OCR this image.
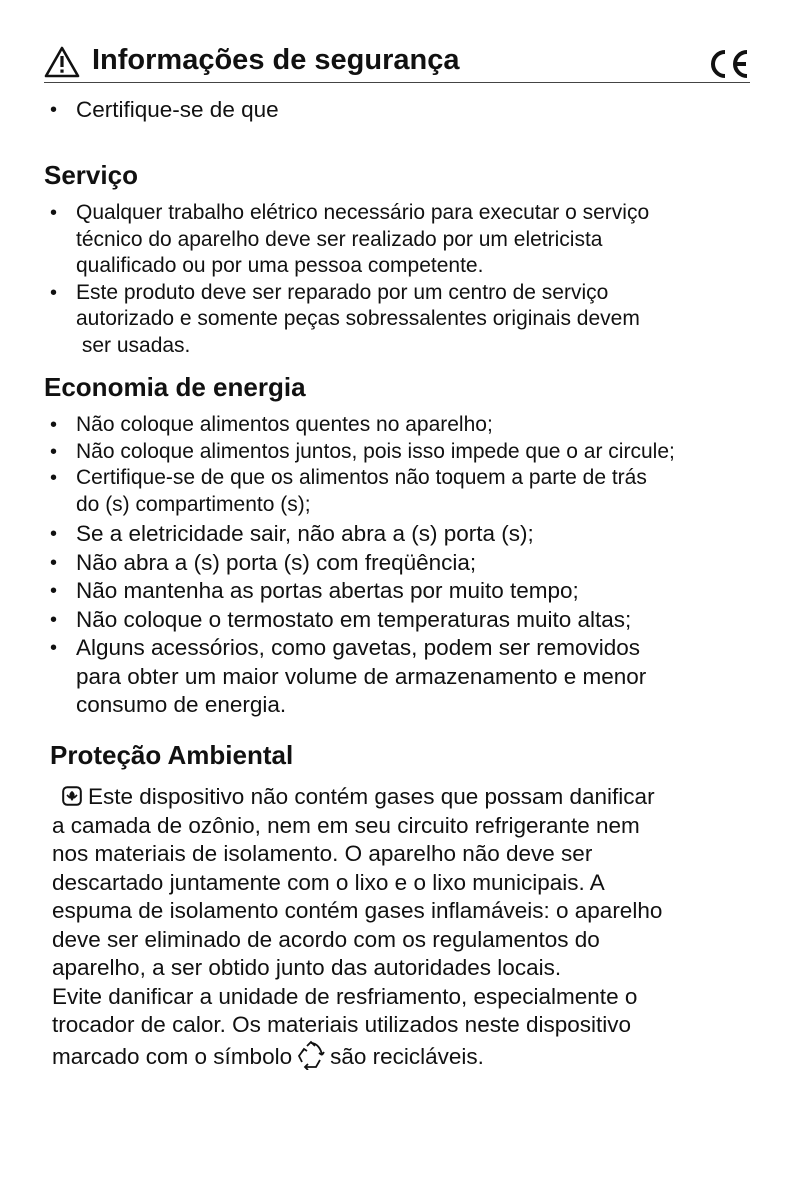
Informações de segurança
• Certifique-se de que
Serviço
• Qualquer trabalho elétrico necessário para executar o serviço
técnico do aparelho deve ser realizado por um eletricista
qualificado ou por uma pessoa competente.
• Este produto deve ser reparado por um centro de serviço
autorizado e somente peças sobressalentes originais devem
ser usadas.
Economia de energia
• Não coloque alimentos quentes no aparelho;
• Não coloque alimentos juntos, pois isso impede que o ar circule;
• Certifique-se de que os alimentos não toquem a parte de trás
do (s) compartimento (s);
• Se a eletricidade sair, não abra a (s) porta (s);
• Não abra a (s) porta (s) com freqüência;
• Não mantenha as portas abertas por muito tempo;
• Não coloque o termostato em temperaturas muito altas;
• Alguns acessórios, como gavetas, podem ser removidos
para obter um maior volume de armazenamento e menor
consumo de energia.
Proteção Ambiental
Este dispositivo não contém gases que possam danificar
a camada de ozônio, nem em seu circuito refrigerante nem
nos materiais de isolamento. O aparelho não deve ser
descartado juntamente com o lixo e o lixo municipais. A
espuma de isolamento contém gases inflamáveis: o aparelho
deve ser eliminado de acordo com os regulamentos do
aparelho, a ser obtido junto das autoridades locais.
Evite danificar a unidade de resfriamento, especialmente o
trocador de calor. Os materiais utilizados neste dispositivo
marcado com o símbolo são recicláveis.
